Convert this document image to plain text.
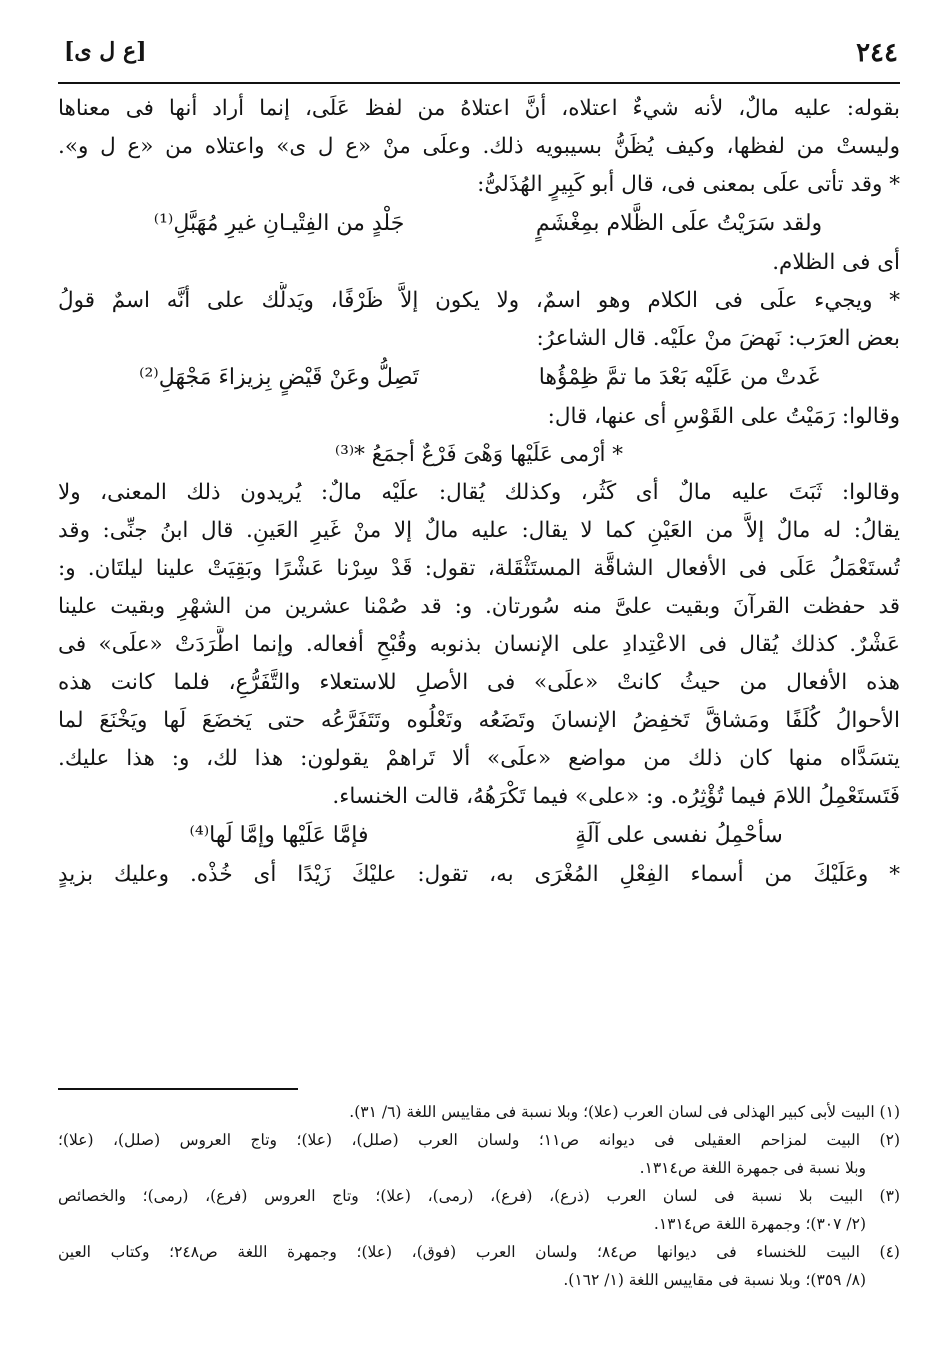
[ع ل ى]	٢٤٤
بقوله: عليه مالٌ، لأنه شيءٌ اعتلاه، أنَّ اعتلاهُ من لفظ عَلَى، إنما أراد أنها فى معناها
وليستْ من لفظها، وكيف يُظَنُّ بسيبويه ذلك. وعلَى منْ «ع ل ى» واعتلاه من «ع ل و».
* وقد تأتى علَى بمعنى فى، قال أبو كَبِيرٍ الهُذَلىُّ:
ولقد سَرَيْتُ علَى الظَّلام بمِغْشَمٍ
جَلْدٍ من الفِتْيـانِ غيرِ مُهَبَّلِ⁽¹⁾
أى فى الظلام.
* ويجيء علَى فى الكلام وهو اسمٌ، ولا يكون إلاَّ ظَرْفًا، ويَدلُّك على أنَّه اسمٌ قولُ
بعض العرَب: نَهضَ منْ علَيْه. قال الشاعرُ:
غَدتْ من عَلَيْه بَعْدَ ما تمَّ ظِمْؤُها
تَصِلُّ وعَنْ قَيْضٍ بِزيزاءَ مَجْهَلِ⁽²⁾
وقالوا: رَمَيْتُ على القَوْسِ أى عنها، قال:
* أرْمى عَلَيْها وَهْىَ فَرْعٌ أجمَعُ *⁽³⁾
وقالوا: ثَبَتَ عليه مالٌ أى كَثُر، وكذلك يُقال: علَيْه مالٌ: يُريدون ذلك المعنى، ولا
يقالُ: له مالٌ إلاَّ من العَيْنِ كما لا يقال: عليه مالٌ إلا منْ غَيرِ العَينِ. قال ابنُ جنِّى: وقد
تُستَعْمَلُ عَلَى فى الأفعال الشاقَّة المستَثْقَلة، تقول: قَدْ سِرْنا عَشْرًا وبَقِيَتْ علينا ليلتَان. و:
قد حفظت القرآنَ وبقيت علىَّ منه سُورتان. و: قد صُمْنا عشرين من الشهْرِ وبقيت علينا
عَشْرٌ. كذلك يُقال فى الاعْتِدادِ على الإنسان بذنوبه وقُبْحِ أفعاله. وإنما اطَّرَدَتْ «علَى» فى
هذه الأفعال من حيثُ كانتْ «علَى» فى الأصلِ للاستعلاء والتَّفَرُّعِ، فلما كانت هذه
الأحوالُ كُلَفًا ومَشاقَّ تَخفِضُ الإنسانَ وتَضَعُه وتَعْلُوه وتَتَفَرَّعُه حتى يَخضَعَ لَها ويَخْنَعَ لما
يتسَدَّاه منها كان ذلك من مواضع «علَى» ألا تَراهمْ يقولون: هذا لك، و: هذا عليك.
فَتَستَعْمِلُ اللامَ فيما تُؤْثِرُه. و: «على» فيما تَكْرَهُهُ، قالت الخنساء.
سأحْمِلُ نفسى على آلَةٍ
فإمَّا عَلَيْها وإمَّا لَها⁽⁴⁾
* وعَلَيْكَ من أسماء الفِعْلِ المُغْرَى به، تقول: عليْكَ زَيْدًا أى خُذْه. وعليك بزيدٍ
(١) البيت لأبى كبير الهذلى فى لسان العرب (علا)؛ وبلا نسبة فى مقاييس اللغة (٦/ ٣١).
(٢) البيت لمزاحم العقيلى فى ديوانه ص١١؛ ولسان العرب (صلل)، (علا)؛ وتاج العروس (صلل)، (علا)؛
وبلا نسبة فى جمهرة اللغة ص١٣١٤.
(٣) البيت بلا نسبة فى لسان العرب (ذرع)، (فرع)، (رمى)، (علا)؛ وتاج العروس (فرع)، (رمى)؛ والخصائص
(٢/ ٣٠٧)؛ وجمهرة اللغة ص١٣١٤.
(٤) البيت للخنساء فى ديوانها ص٨٤؛ ولسان العرب (فوق)، (علا)؛ وجمهرة اللغة ص٢٤٨؛ وكتاب العين
(٨/ ٣٥٩)؛ وبلا نسبة فى مقاييس اللغة (١/ ١٦٢).
